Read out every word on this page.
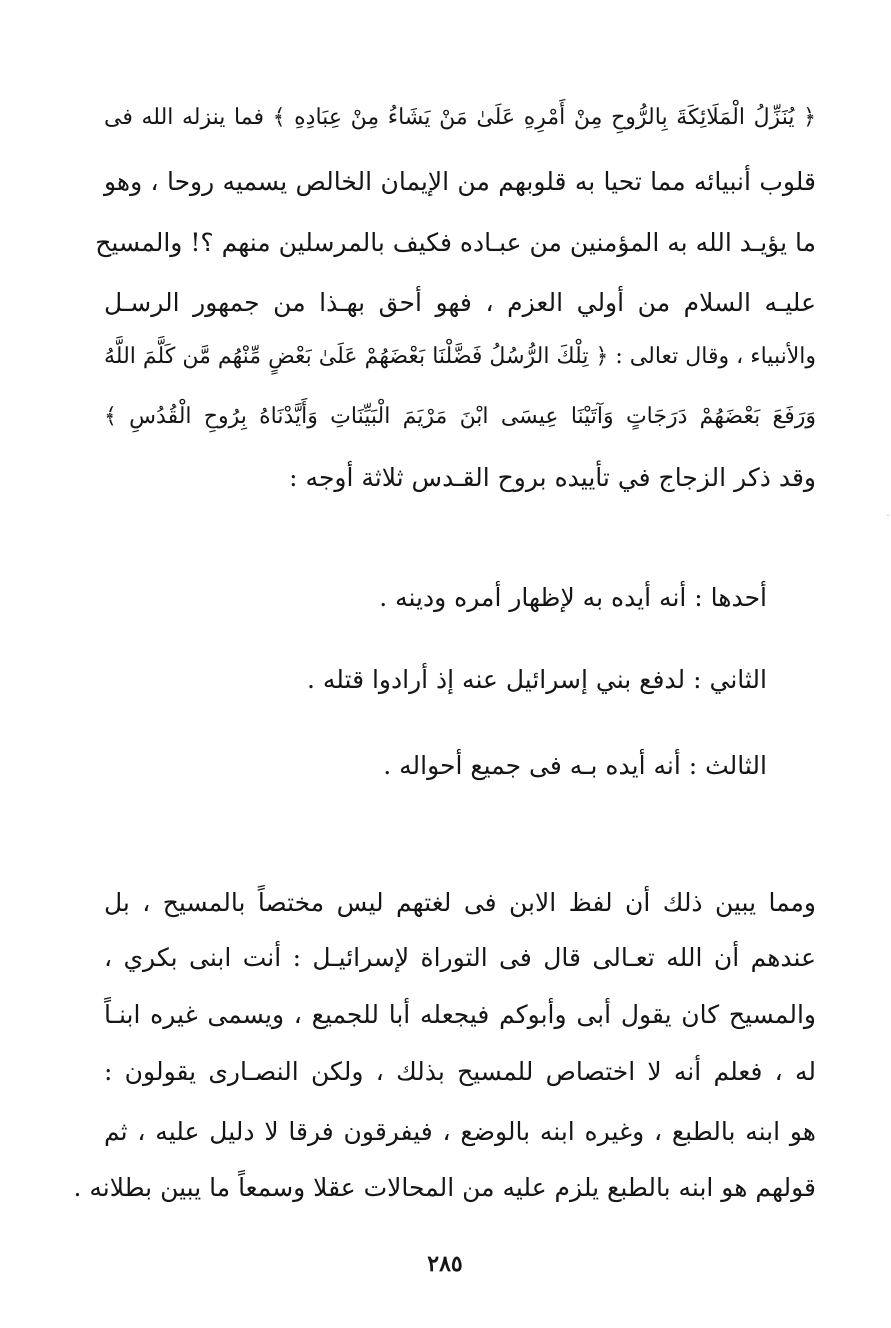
﴿ يُنَزِّلُ الْمَلَائِكَةَ بِالرُّوحِ مِنْ أَمْرِهِ عَلَىٰ مَنْ يَشَاءُ مِنْ عِبَادِهِ ﴾ فما ينزله الله فى
قلوب أنبيائه مما تحيا به قلوبهم من الإيمان الخالص يسميه روحا ، وهو
ما يؤيـد الله به المؤمنين من عبـاده فكيف بالمرسلين منهم ؟! والمسيح
عليـه السلام من أولي العزم ، فهو أحق بهـذا من جمهور الرسـل
والأنبياء ، وقال تعالى : ﴿ تِلْكَ الرُّسُلُ فَضَّلْنَا بَعْضَهُمْ عَلَىٰ بَعْضٍ مِّنْهُم مَّن كَلَّمَ اللَّهُ
وَرَفَعَ بَعْضَهُمْ دَرَجَاتٍ وَآتَيْنَا عِيسَى ابْنَ مَرْيَمَ الْبَيِّنَاتِ وَأَيَّدْنَاهُ بِرُوحِ الْقُدُسِ ﴾
وقد ذكر الزجاج في تأييده بروح القـدس ثلاثة أوجه :
أحدها : أنه أيده به لإظهار أمره ودينه .
الثاني : لدفع بني إسرائيل عنه إذ أرادوا قتله .
الثالث : أنه أيده بـه فى جميع أحواله .
ومما يبين ذلك أن لفظ الابن فى لغتهم ليس مختصاً بالمسيح ، بل
عندهم أن الله تعـالى قال فى التوراة لإسرائيـل : أنت ابنى بكري ،
والمسيح كان يقول أبى وأبوكم فيجعله أبا للجميع ، ويسمى غيره ابنـاً
له ، فعلم أنه لا اختصاص للمسيح بذلك ، ولكن النصـارى يقولون :
هو ابنه بالطبع ، وغيره ابنه بالوضع ، فيفرقون فرقا لا دليل عليه ، ثم
قولهم هو ابنه بالطبع يلزم عليه من المحالات عقلا وسمعاً ما يبين بطلانه .
٢٨٥
